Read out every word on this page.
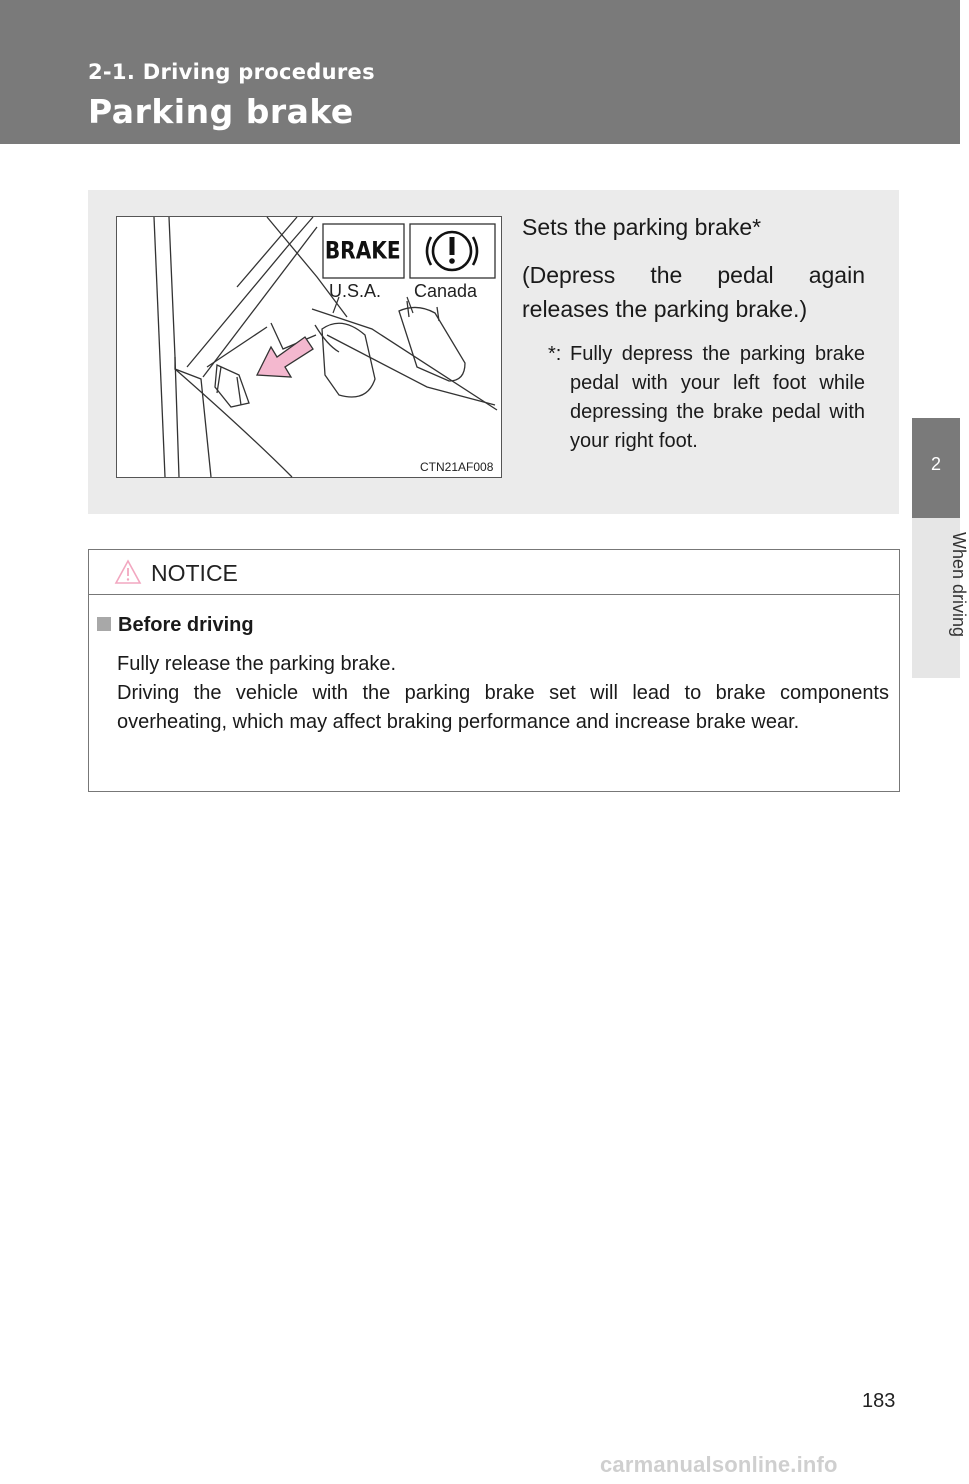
2-1. Driving procedures
Parking brake
2
When driving
BRAKE
U.S.A. Canada
CTN21AF008

Sets the parking brake*

(Depress the pedal again releases the parking brake.)

*: Fully depress the parking brake pedal with your left foot while depressing the brake pedal with your right foot.
NOTICE
Before driving

Fully release the parking brake.

Driving the vehicle with the parking brake set will lead to brake components overheating, which may affect braking performance and increase brake wear.

183
carmanualsonline.info
